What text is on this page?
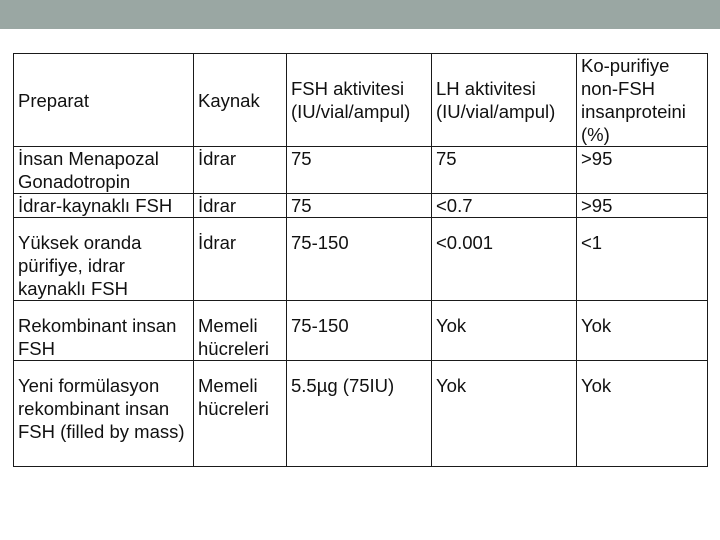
Preparat	Kaynak	FSH aktivitesi (IU/vial/ampul)	LH aktivitesi (IU/vial/ampul)	Ko-purifiye non-FSH insanproteini (%)
İnsan Menapozal Gonadotropin	İdrar	75	75	>95
İdrar-kaynaklı FSH	İdrar	75	<0.7	>95
Yüksek oranda pürifiye, idrar kaynaklı FSH	İdrar	75-150	<0.001	<1
Rekombinant insan FSH	Memeli hücreleri	75-150	Yok	Yok
Yeni formülasyon rekombinant insan FSH (filled by mass)	Memeli hücreleri	5.5µg (75IU)	Yok	Yok
